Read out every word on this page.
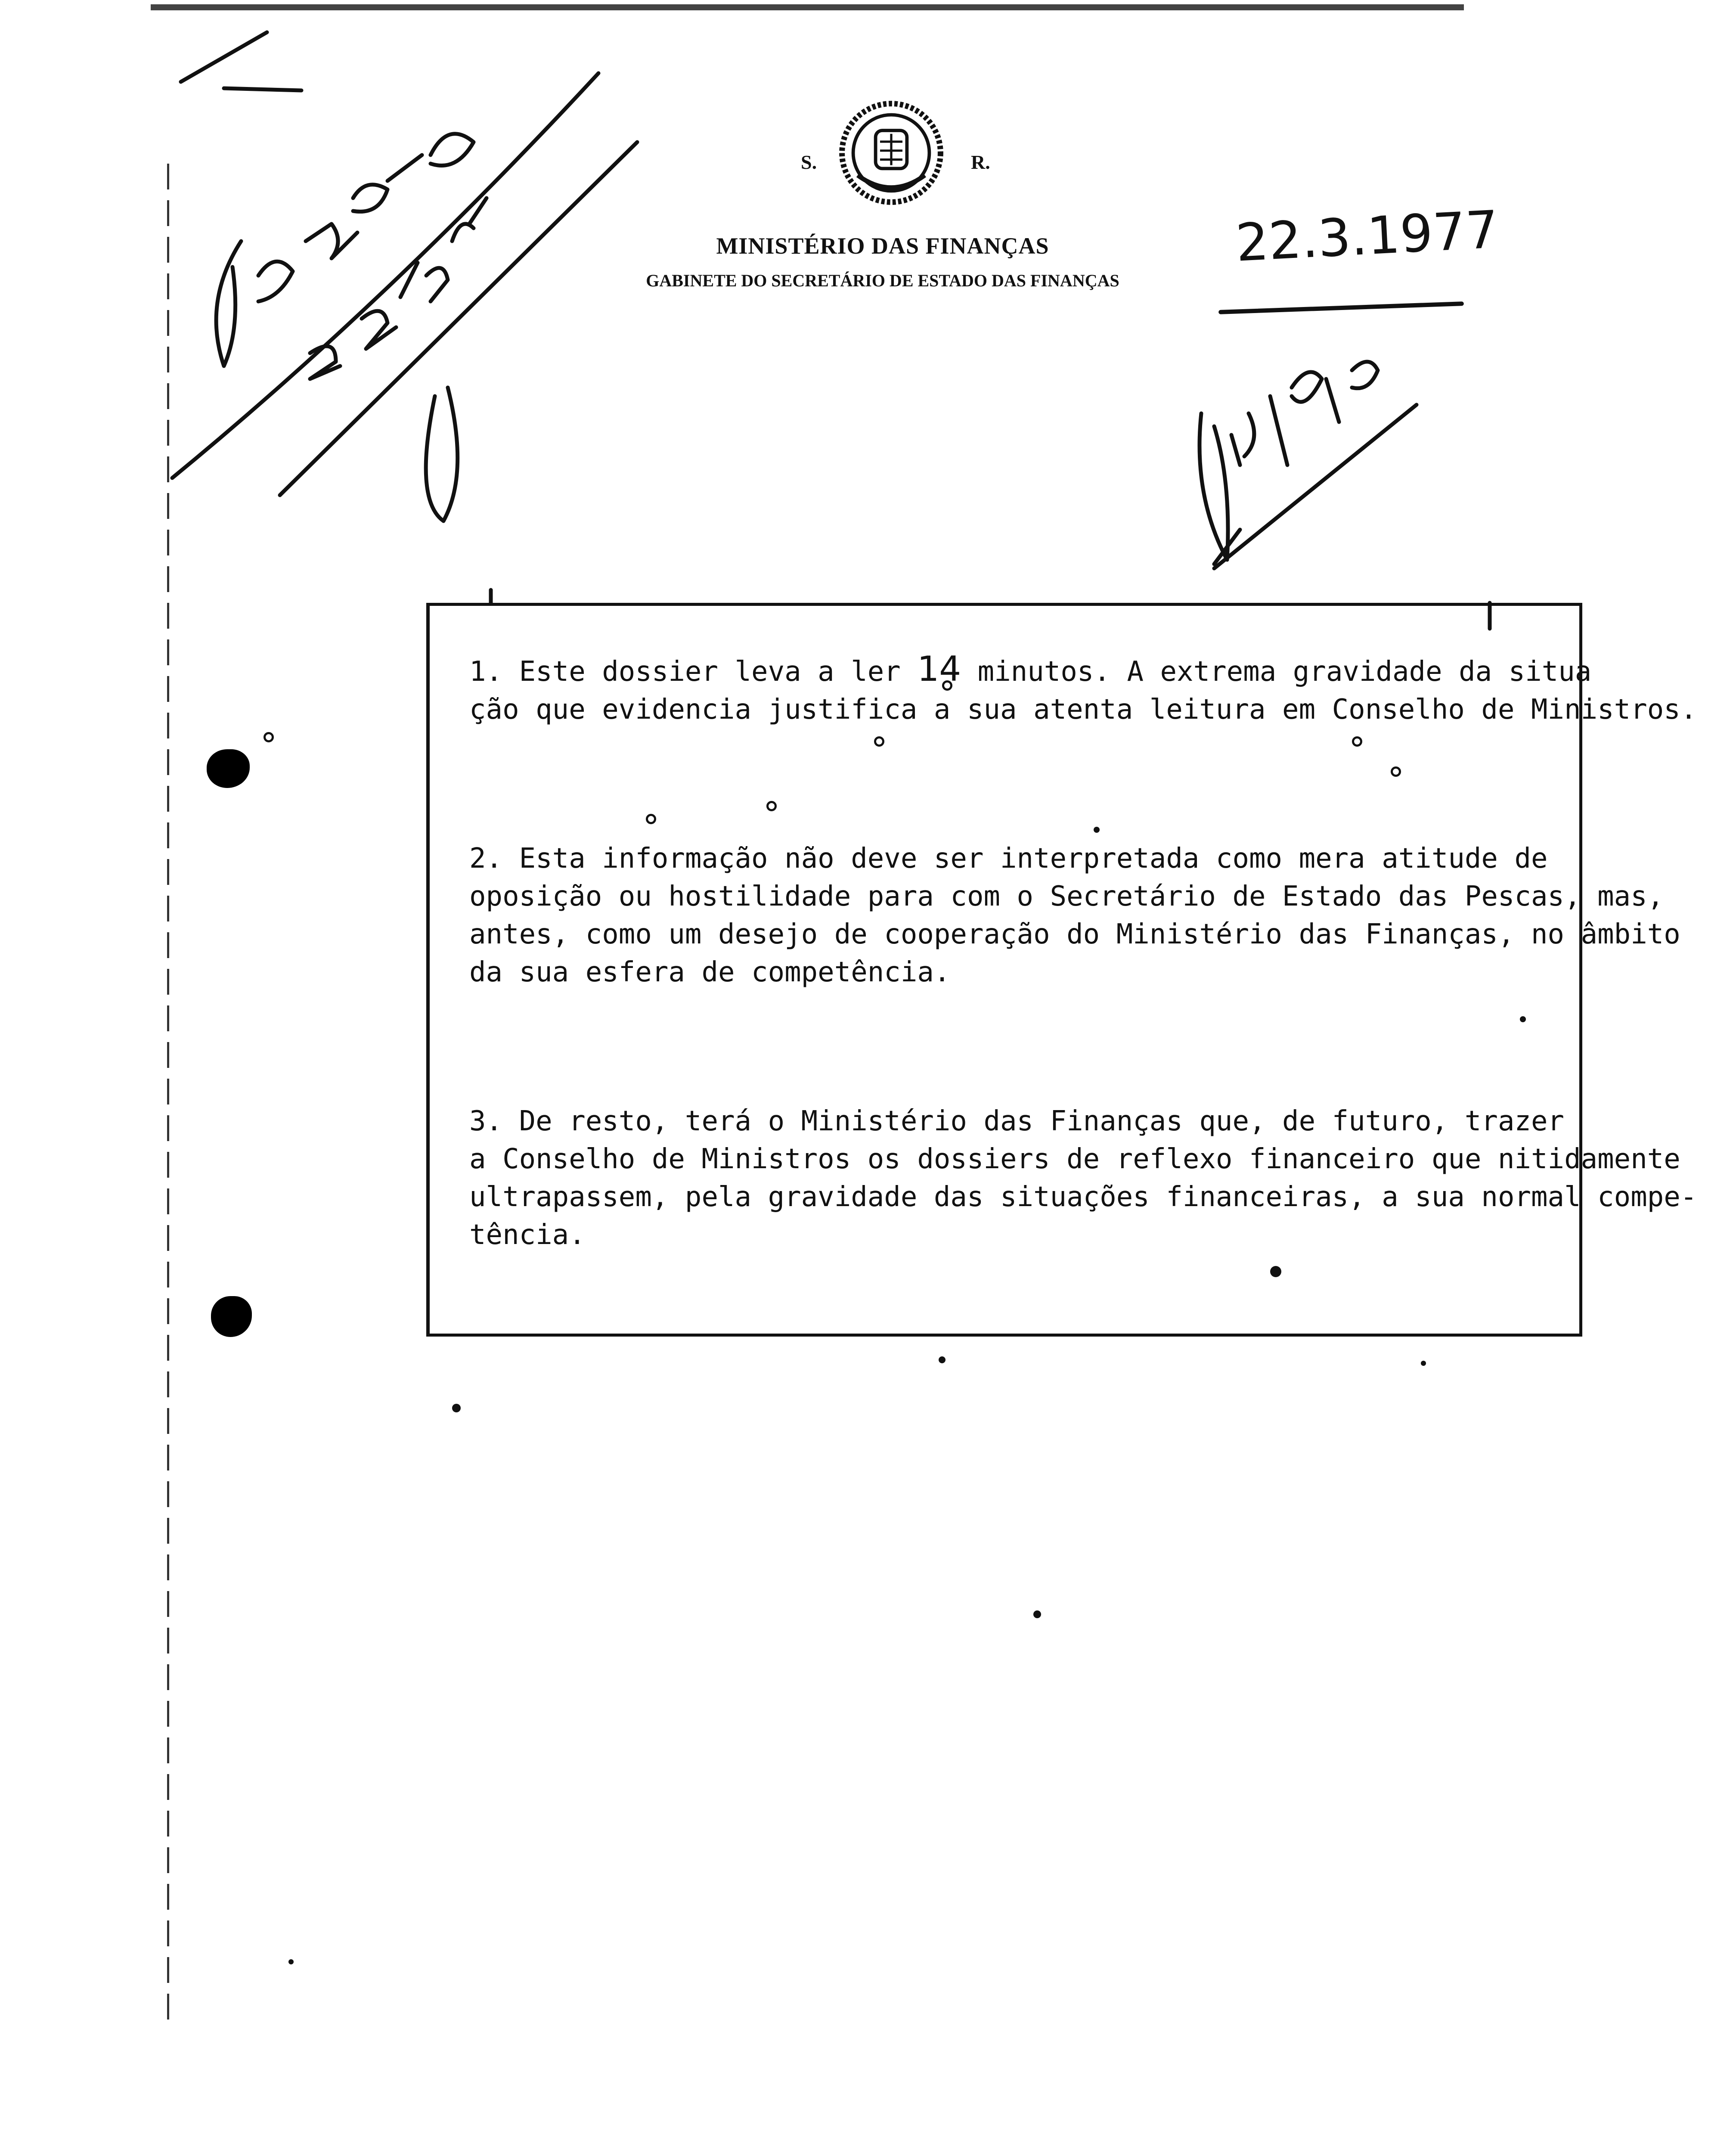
S.	R.
MINISTÉRIO DAS FINANÇAS
GABINETE DO SECRETÁRIO DE ESTADO DAS FINANÇAS
22.3.1977
1. Este dossier leva a ler 14 minutos. A extrema gravidade da situa
ção que evidencia justifica a sua atenta leitura em Conselho de Ministros.
2. Esta informação não deve ser interpretada como mera atitude de
oposição ou hostilidade para com o Secretário de Estado das Pescas, mas,
antes, como um desejo de cooperação do Ministério das Finanças, no âmbito
da sua esfera de competência.
3. De resto, terá o Ministério das Finanças que, de futuro, trazer
a Conselho de Ministros os dossiers de reflexo financeiro que nitidamente
ultrapassem, pela gravidade das situações financeiras, a sua normal compe-
tência.
